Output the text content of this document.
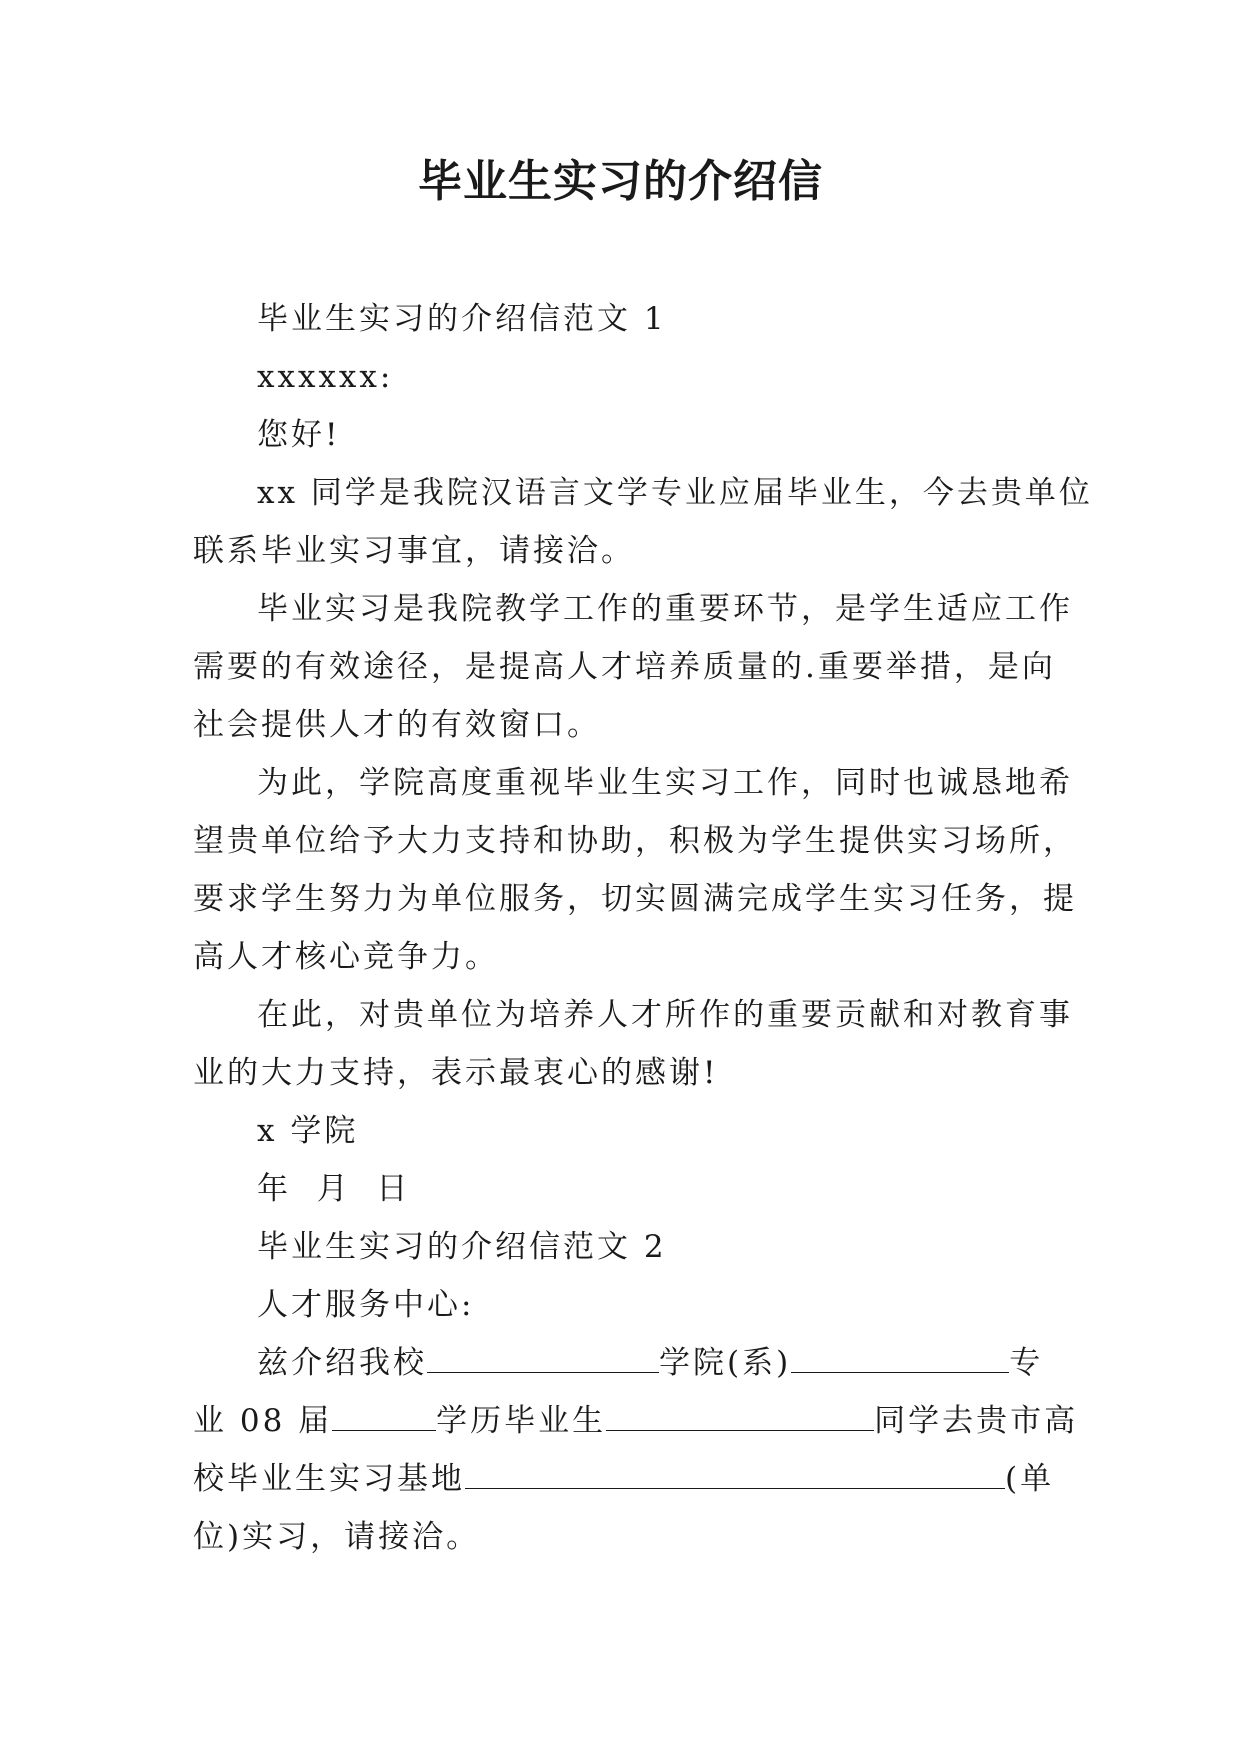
毕业生实习的介绍信

毕业生实习的介绍信范文 1

xxxxxx:

您好!

xx 同学是我院汉语言文学专业应届毕业生，今去贵单位
联系毕业实习事宜，请接洽。
毕业实习是我院教学工作的重要环节，是学生适应工作
需要的有效途径，是提高人才培养质量的.重要举措，是向
社会提供人才的有效窗口。
为此，学院高度重视毕业生实习工作，同时也诚恳地希
望贵单位给予大力支持和协助，积极为学生提供实习场所，
要求学生努力为单位服务，切实圆满完成学生实习任务，提
高人才核心竞争力。
在此，对贵单位为培养人才所作的重要贡献和对教育事
业的大力支持，表示最衷心的感谢!

x 学院

年  月  日

毕业生实习的介绍信范文 2

人才服务中心:

兹介绍我校	学院(系)	专
业 08 届	学历毕业生	同学去贵市高
校毕业生实习基地	(单
位)实习，请接洽。
